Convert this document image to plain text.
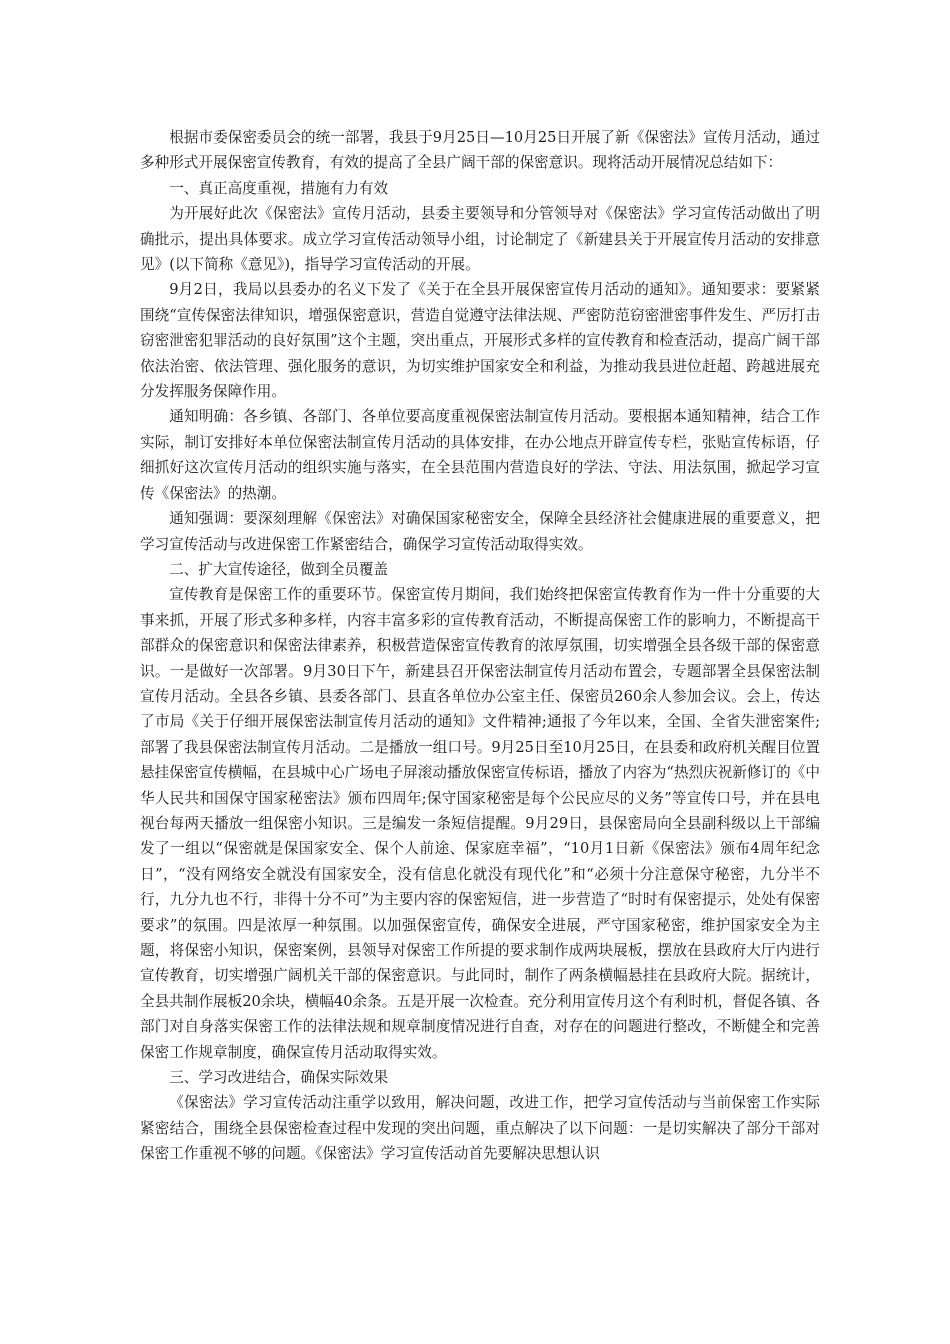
根据市委保密委员会的统一部署，我县于9月25日—10月25日开展了新《保密法》宣传月活动，通过多种形式开展保密宣传教育，有效的提高了全县广阔干部的保密意识。现将活动开展情况总结如下：

一、真正高度重视，措施有力有效

为开展好此次《保密法》宣传月活动，县委主要领导和分管领导对《保密法》学习宣传活动做出了明确批示，提出具体要求。成立学习宣传活动领导小组，讨论制定了《新建县关于开展宣传月活动的安排意见》(以下简称《意见》)，指导学习宣传活动的开展。

9月2日，我局以县委办的名义下发了《关于在全县开展保密宣传月活动的通知》。通知要求：要紧紧围绕“宣传保密法律知识，增强保密意识，营造自觉遵守法律法规、严密防范窃密泄密事件发生、严厉打击窃密泄密犯罪活动的良好氛围”这个主题，突出重点，开展形式多样的宣传教育和检查活动，提高广阔干部依法治密、依法管理、强化服务的意识，为切实维护国家安全和利益，为推动我县进位赶超、跨越进展充分发挥服务保障作用。

通知明确：各乡镇、各部门、各单位要高度重视保密法制宣传月活动。要根据本通知精神，结合工作实际，制订安排好本单位保密法制宣传月活动的具体安排，在办公地点开辟宣传专栏，张贴宣传标语，仔细抓好这次宣传月活动的组织实施与落实，在全县范围内营造良好的学法、守法、用法氛围，掀起学习宣传《保密法》的热潮。

通知强调：要深刻理解《保密法》对确保国家秘密安全，保障全县经济社会健康进展的重要意义，把学习宣传活动与改进保密工作紧密结合，确保学习宣传活动取得实效。

二、扩大宣传途径，做到全员覆盖

宣传教育是保密工作的重要环节。保密宣传月期间，我们始终把保密宣传教育作为一件十分重要的大事来抓，开展了形式多种多样，内容丰富多彩的宣传教育活动，不断提高保密工作的影响力，不断提高干部群众的保密意识和保密法律素养，积极营造保密宣传教育的浓厚氛围，切实增强全县各级干部的保密意识。一是做好一次部署。9月30日下午，新建县召开保密法制宣传月活动布置会，专题部署全县保密法制宣传月活动。全县各乡镇、县委各部门、县直各单位办公室主任、保密员260余人参加会议。会上，传达了市局《关于仔细开展保密法制宣传月活动的通知》文件精神;通报了今年以来，全国、全省失泄密案件;部署了我县保密法制宣传月活动。二是播放一组口号。9月25日至10月25日，在县委和政府机关醒目位置悬挂保密宣传横幅，在县城中心广场电子屏滚动播放保密宣传标语，播放了内容为“热烈庆祝新修订的《中华人民共和国保守国家秘密法》颁布四周年;保守国家秘密是每个公民应尽的义务”等宣传口号，并在县电视台每两天播放一组保密小知识。三是编发一条短信提醒。9月29日，县保密局向全县副科级以上干部编发了一组以“保密就是保国家安全、保个人前途、保家庭幸福”，“10月1日新《保密法》颁布4周年纪念日”，“没有网络安全就没有国家安全，没有信息化就没有现代化”和“必须十分注意保守秘密，九分半不行，九分九也不行，非得十分不可”为主要内容的保密短信，进一步营造了“时时有保密提示，处处有保密要求”的氛围。四是浓厚一种氛围。以加强保密宣传，确保安全进展，严守国家秘密，维护国家安全为主题，将保密小知识，保密案例，县领导对保密工作所提的要求制作成两块展板，摆放在县政府大厅内进行宣传教育，切实增强广阔机关干部的保密意识。与此同时，制作了两条横幅悬挂在县政府大院。据统计，全县共制作展板20余块，横幅40余条。五是开展一次检查。充分利用宣传月这个有利时机，督促各镇、各部门对自身落实保密工作的法律法规和规章制度情况进行自查，对存在的问题进行整改，不断健全和完善保密工作规章制度，确保宣传月活动取得实效。

三、学习改进结合，确保实际效果

《保密法》学习宣传活动注重学以致用，解决问题，改进工作，把学习宣传活动与当前保密工作实际紧密结合，围绕全县保密检查过程中发现的突出问题，重点解决了以下问题：一是切实解决了部分干部对保密工作重视不够的问题。《保密法》学习宣传活动首先要解决思想认识
